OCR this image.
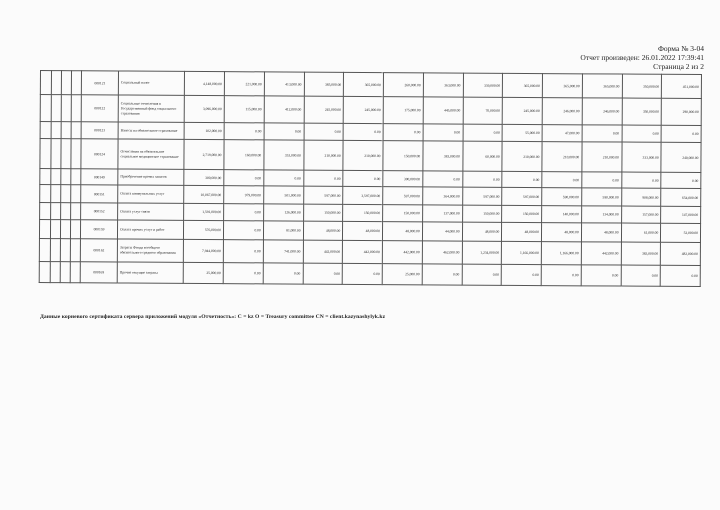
Форма № 3-04
Отчет произведен: 26.01.2022 17:39:41
Страница 2 из 2
				000121	Социальный налог	4,148,000.00	221,000.00	413,000.00	385,000.00	365,000.00	260,000.00	363,000.00	339,000.00	365,000.00	365,000.00	365,000.00	350,000.00	451,000.00
				000122	Социальные отчисления в Государственный фонд социального страхования	3,096,000.00	115,000.00	412,000.00	245,000.00	245,000.00	175,000.00	445,000.00	70,000.00	245,000.00	246,000.00	246,000.00	350,000.00	290,000.00
				000123	Взносы на обязательное страхование	102,000.00	0.00	0.00	0.00	0.00	0.00	0.00	0.00	55,000.00	47,000.00	0.00	0.00	0.00
				000124	Отчисления на обязательное социальное медицинское страхование	2,719,000.00	160,000.00	353,000.00	210,000.00	210,000.00	150,000.00	383,000.00	60,000.00	210,000.00	210,000.00	210,000.00	333,000.00	240,000.00
				000149	Приобретение прочих запасов	300,000.00	0.00	0.00	0.00	0.00	300,000.00	0.00	0.00	0.00	0.00	0.00	0.00	0.00
				000151	Оплата коммунальных услуг	10,067,000.00	979,000.00	501,000.00	597,000.00	3,597,000.00	597,000.00	364,000.00	597,000.00	597,000.00	590,000.00	590,000.00	908,000.00	654,000.00
				000152	Оплата услуг связи	1,591,000.00	0.00	126,000.00	150,000.00	150,000.00	150,000.00	137,000.00	150,000.00	150,000.00	140,000.00	134,000.00	157,000.00	147,000.00
				000159	Оплата прочих услуг и работ	576,000.00	0.00	81,000.00	48,000.00	48,000.00	48,000.00	44,000.00	48,000.00	48,000.00	48,000.00	48,000.00	61,000.00	52,000.00
				000162	Затраты Фонда всеобщего обязательного среднего образования	7,944,000.00	0.00	741,000.00	442,000.00	442,000.00	442,000.00	462,000.00	1,234,000.00	1,166,000.00	1,166,000.00	442,000.00	383,000.00	482,000.00
				000169	Прочие текущие затраты	25,000.00	0.00	0.00	0.00	0.00	25,000.00	0.00	0.00	0.00	0.00	0.00	0.00	0.00
Данные корневого сертификата сервера приложений модуля «Отчетность»: C = kz O = Treasury committee CN = client.kazynashylyk.kz
